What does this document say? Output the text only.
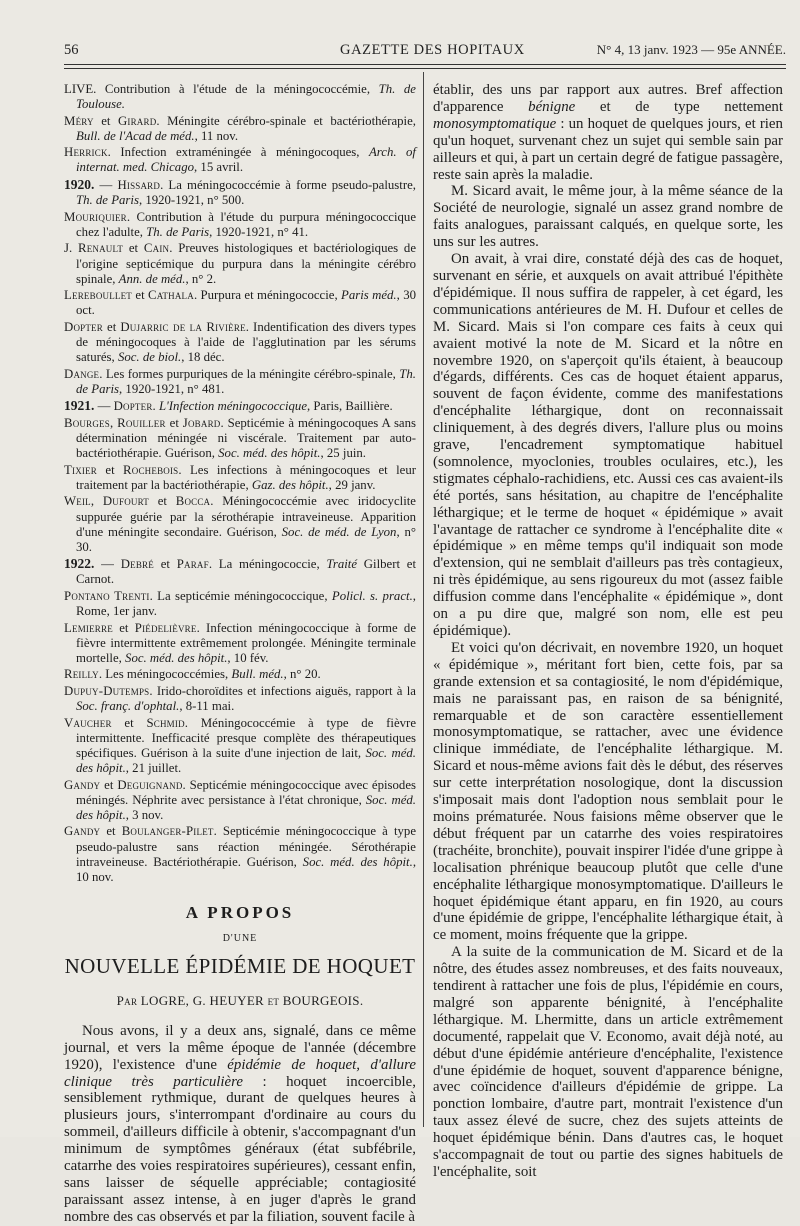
56	GAZETTE DES HOPITAUX	N° 4, 13 janv. 1923 — 95e ANNÉE.
LIVE. Contribution à l'étude de la méningococcémie, Th. de Toulouse.
Méry et Girard. Méningite cérébro-spinale et bactériothérapie, Bull. de l'Acad de méd., 11 nov.
Herrick. Infection extraméningée à méningocoques, Arch. of internat. med. Chicago, 15 avril.
1920. — Hissard. La méningococcémie à forme pseudo-palustre, Th. de Paris, 1920-1921, n° 500.
Mouriquier. Contribution à l'étude du purpura méningococcique chez l'adulte, Th. de Paris, 1920-1921, n° 41.
J. Renault et Cain. Preuves histologiques et bactériologiques de l'origine septicémique du purpura dans la méningite cérébro spinale, Ann. de méd., n° 2.
Lereboullet et Cathala. Purpura et méningococcie, Paris méd., 30 oct.
Dopter et Dujarric de la Rivière. Indentification des divers types de méningocoques à l'aide de l'agglutination par les sérums saturés, Soc. de biol., 18 déc.
Dange. Les formes purpuriques de la méningite cérébro-spinale, Th. de Paris, 1920-1921, n° 481.
1921. — Dopter. L'Infection méningococcique, Paris, Baillière.
Bourges, Rouiller et Jobard. Septicémie à méningocoques A sans détermination méningée ni viscérale. Traitement par auto-bactériothérapie. Guérison, Soc. méd. des hôpit., 25 juin.
Tixier et Rochebois. Les infections à méningocoques et leur traitement par la bactériothérapie, Gaz. des hôpit., 29 janv.
Weil, Dufourt et Bocca. Méningococcémie avec iridocyclite suppurée guérie par la sérothérapie intraveineuse. Apparition d'une méningite secondaire. Guérison, Soc. de méd. de Lyon, n° 30.
1922. — Debré et Paraf. La méningococcie, Traité Gilbert et Carnot.
Pontano Trenti. La septicémie méningococcique, Policl. s. pract., Rome, 1er janv.
Lemierre et Piédelièvre. Infection méningococcique à forme de fièvre intermittente extrêmement prolongée. Méningite terminale mortelle, Soc. méd. des hôpit., 10 fév.
Reilly. Les méningococcémies, Bull. méd., n° 20.
Dupuy-Dutemps. Irido-choroïdites et infections aiguës, rapport à la Soc. franç. d'ophtal., 8-11 mai.
Vaucher et Schmid. Méningococcémie à type de fièvre intermittente. Inefficacité presque complète des thérapeutiques spécifiques. Guérison à la suite d'une injection de lait, Soc. méd. des hôpit., 21 juillet.
Gandy et Deguignand. Septicémie méningococcique avec épisodes méningés. Néphrite avec persistance à l'état chronique, Soc. méd. des hôpit., 3 nov.
Gandy et Boulanger-Pilet. Septicémie méningococcique à type pseudo-palustre sans réaction méningée. Sérothérapie intraveineuse. Bactériothérapie. Guérison, Soc. méd. des hôpit., 10 nov.
A PROPOS
D'UNE
NOUVELLE ÉPIDÉMIE DE HOQUET
Par LOGRE, G. HEUYER et BOURGEOIS.

Nous avons, il y a deux ans, signalé, dans ce même journal, et vers la même époque de l'année (décembre 1920), l'existence d'une épidémie de hoquet, d'allure clinique très particulière : hoquet incoercible, sensiblement rythmique, durant de quelques heures à plusieurs jours, s'interrompant d'ordinaire au cours du sommeil, d'ailleurs difficile à obtenir, s'accompagnant d'un minimum de symptômes généraux (état subfébrile, catarrhe des voies respiratoires supérieures), cessant enfin, sans laisser de séquelle appréciable; contagiosité paraissant assez intense, à en juger d'après le grand nombre des cas observés et par la filiation, souvent facile à

établir, des uns par rapport aux autres. Bref affection d'apparence bénigne et de type nettement monosymptomatique : un hoquet de quelques jours, et rien qu'un hoquet, survenant chez un sujet qui semble sain par ailleurs et qui, à part un certain degré de fatigue passagère, reste sain après la maladie.

M. Sicard avait, le même jour, à la même séance de la Société de neurologie, signalé un assez grand nombre de faits analogues, paraissant calqués, en quelque sorte, les uns sur les autres.

On avait, à vrai dire, constaté déjà des cas de hoquet, survenant en série, et auxquels on avait attribué l'épithète d'épidémique. Il nous suffira de rappeler, à cet égard, les communications antérieures de M. H. Dufour et celles de M. Sicard. Mais si l'on compare ces faits à ceux qui avaient motivé la note de M. Sicard et la nôtre en novembre 1920, on s'aperçoit qu'ils étaient, à beaucoup d'égards, différents. Ces cas de hoquet étaient apparus, souvent de façon évidente, comme des manifestations d'encéphalite léthargique, dont on reconnaissait cliniquement, à des degrés divers, l'allure plus ou moins grave, l'encadrement symptomatique habituel (somnolence, myoclonies, troubles oculaires, etc.), les stigmates céphalo-rachidiens, etc. Aussi ces cas avaient-ils été portés, sans hésitation, au chapitre de l'encéphalite léthargique; et le terme de hoquet « épidémique » avait l'avantage de rattacher ce syndrome à l'encéphalite dite « épidémique » en même temps qu'il indiquait son mode d'extension, qui ne semblait d'ailleurs pas très contagieux, ni très épidémique, au sens rigoureux du mot (assez faible diffusion comme dans l'encéphalite « épidémique », dont on a pu dire que, malgré son nom, elle est peu épidémique).

Et voici qu'on décrivait, en novembre 1920, un hoquet « épidémique », méritant fort bien, cette fois, par sa grande extension et sa contagiosité, le nom d'épidémique, mais ne paraissant pas, en raison de sa bénignité, remarquable et de son caractère essentiellement monosymptomatique, se rattacher, avec une évidence clinique immédiate, de l'encéphalite léthargique. M. Sicard et nous-même avions fait dès le début, des réserves sur cette interprétation nosologique, dont la discussion s'imposait mais dont l'adoption nous semblait pour le moins prématurée. Nous faisions même observer que le début fréquent par un catarrhe des voies respiratoires (trachéite, bronchite), pouvait inspirer l'idée d'une grippe à localisation phrénique beaucoup plutôt que celle d'une encéphalite léthargique monosymptomatique. D'ailleurs le hoquet épidémique étant apparu, en fin 1920, au cours d'une épidémie de grippe, l'encéphalite léthargique était, à ce moment, moins fréquente que la grippe.

A la suite de la communication de M. Sicard et de la nôtre, des études assez nombreuses, et des faits nouveaux, tendirent à rattacher une fois de plus, l'épidémie en cours, malgré son apparente bénignité, à l'encéphalite léthargique. M. Lhermitte, dans un article extrêmement documenté, rappelait que V. Economo, avait déjà noté, au début d'une épidémie antérieure d'encéphalite, l'existence d'une épidémie de hoquet, souvent d'apparence bénigne, avec coïncidence d'ailleurs d'épidémie de grippe. La ponction lombaire, d'autre part, montrait l'existence d'un taux assez élevé de sucre, chez des sujets atteints de hoquet épidémique bénin. Dans d'autres cas, le hoquet s'accompagnait de tout ou partie des signes habituels de l'encéphalite, soit
